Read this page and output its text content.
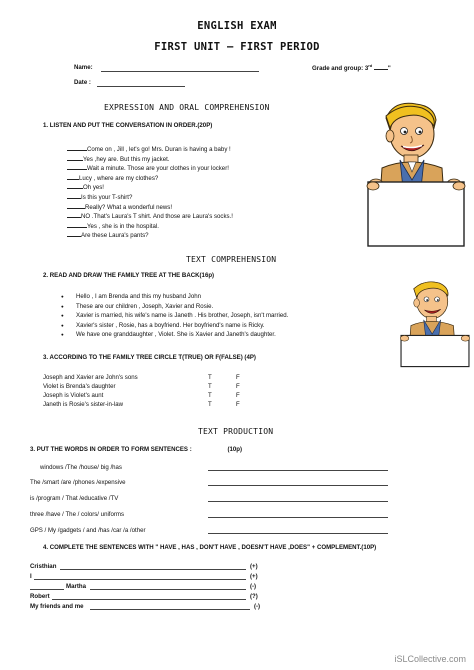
ENGLISH EXAM
FIRST UNIT – FIRST PERIOD
Name:	Grade and group: 3rd	"
Date :
EXPRESSION AND ORAL COMPREHENSION
1. LISTEN AND PUT THE CONVERSATION IN ORDER.(20P)
Come on , Jill , let's go! Mrs. Duran is having a baby !
Yes ,hey are. But this my jacket.
Wait a minute. Those are your clothes in your locker!
Lucy , where are my clothes?
Oh yes!
Is this your T-shirt?
Really? What a wonderful news!
NO .That's Laura's T shirt. And those are Laura's socks.!
Yes , she is in the hospital.
Are these Laura's pants?
TEXT COMPREHENSION
2. READ AND DRAW THE FAMILY TREE AT THE BACK(16p)
● Hello , I am Brenda and this my husband John
● These are our children , Joseph, Xavier and Rosie.
● Xavier is married, his wife's name is Janeth . His brother, Joseph, isn't married.
● Xavier's sister , Rosie, has a boyfriend. Her boyfriend's name is Ricky.
● We have one granddaughter , Violet. She is Xavier and Janeth's daughter.
3. ACCORDING TO THE FAMILY TREE CIRCLE T(TRUE) OR F(FALSE) (4P)
Joseph and Xavier are John's sons	T	F
Violet is Brenda's daughter	T	F
Joseph is Violet's aunt	T	F
Janeth is Rosie's sister-in-law	T	F
TEXT PRODUCTION
3. PUT THE WORDS IN ORDER TO FORM SENTENCES :	(10p)
windows /The /house/ big /has
The /smart /are /phones /expensive
is /program / That /educative /TV
three /have / The / colors/ uniforms
GPS / My /gadgets / and /has /car /a /other
4. COMPLETE THE SENTENCES WITH " HAVE , HAS , DON'T HAVE , DOESN'T HAVE ,DOES" + COMPLEMENT.(10P)
Cristhian	(+)
I	(+)
Martha	(-)
Robert	(?)
My friends and me	(-)
iSLCollective.com
